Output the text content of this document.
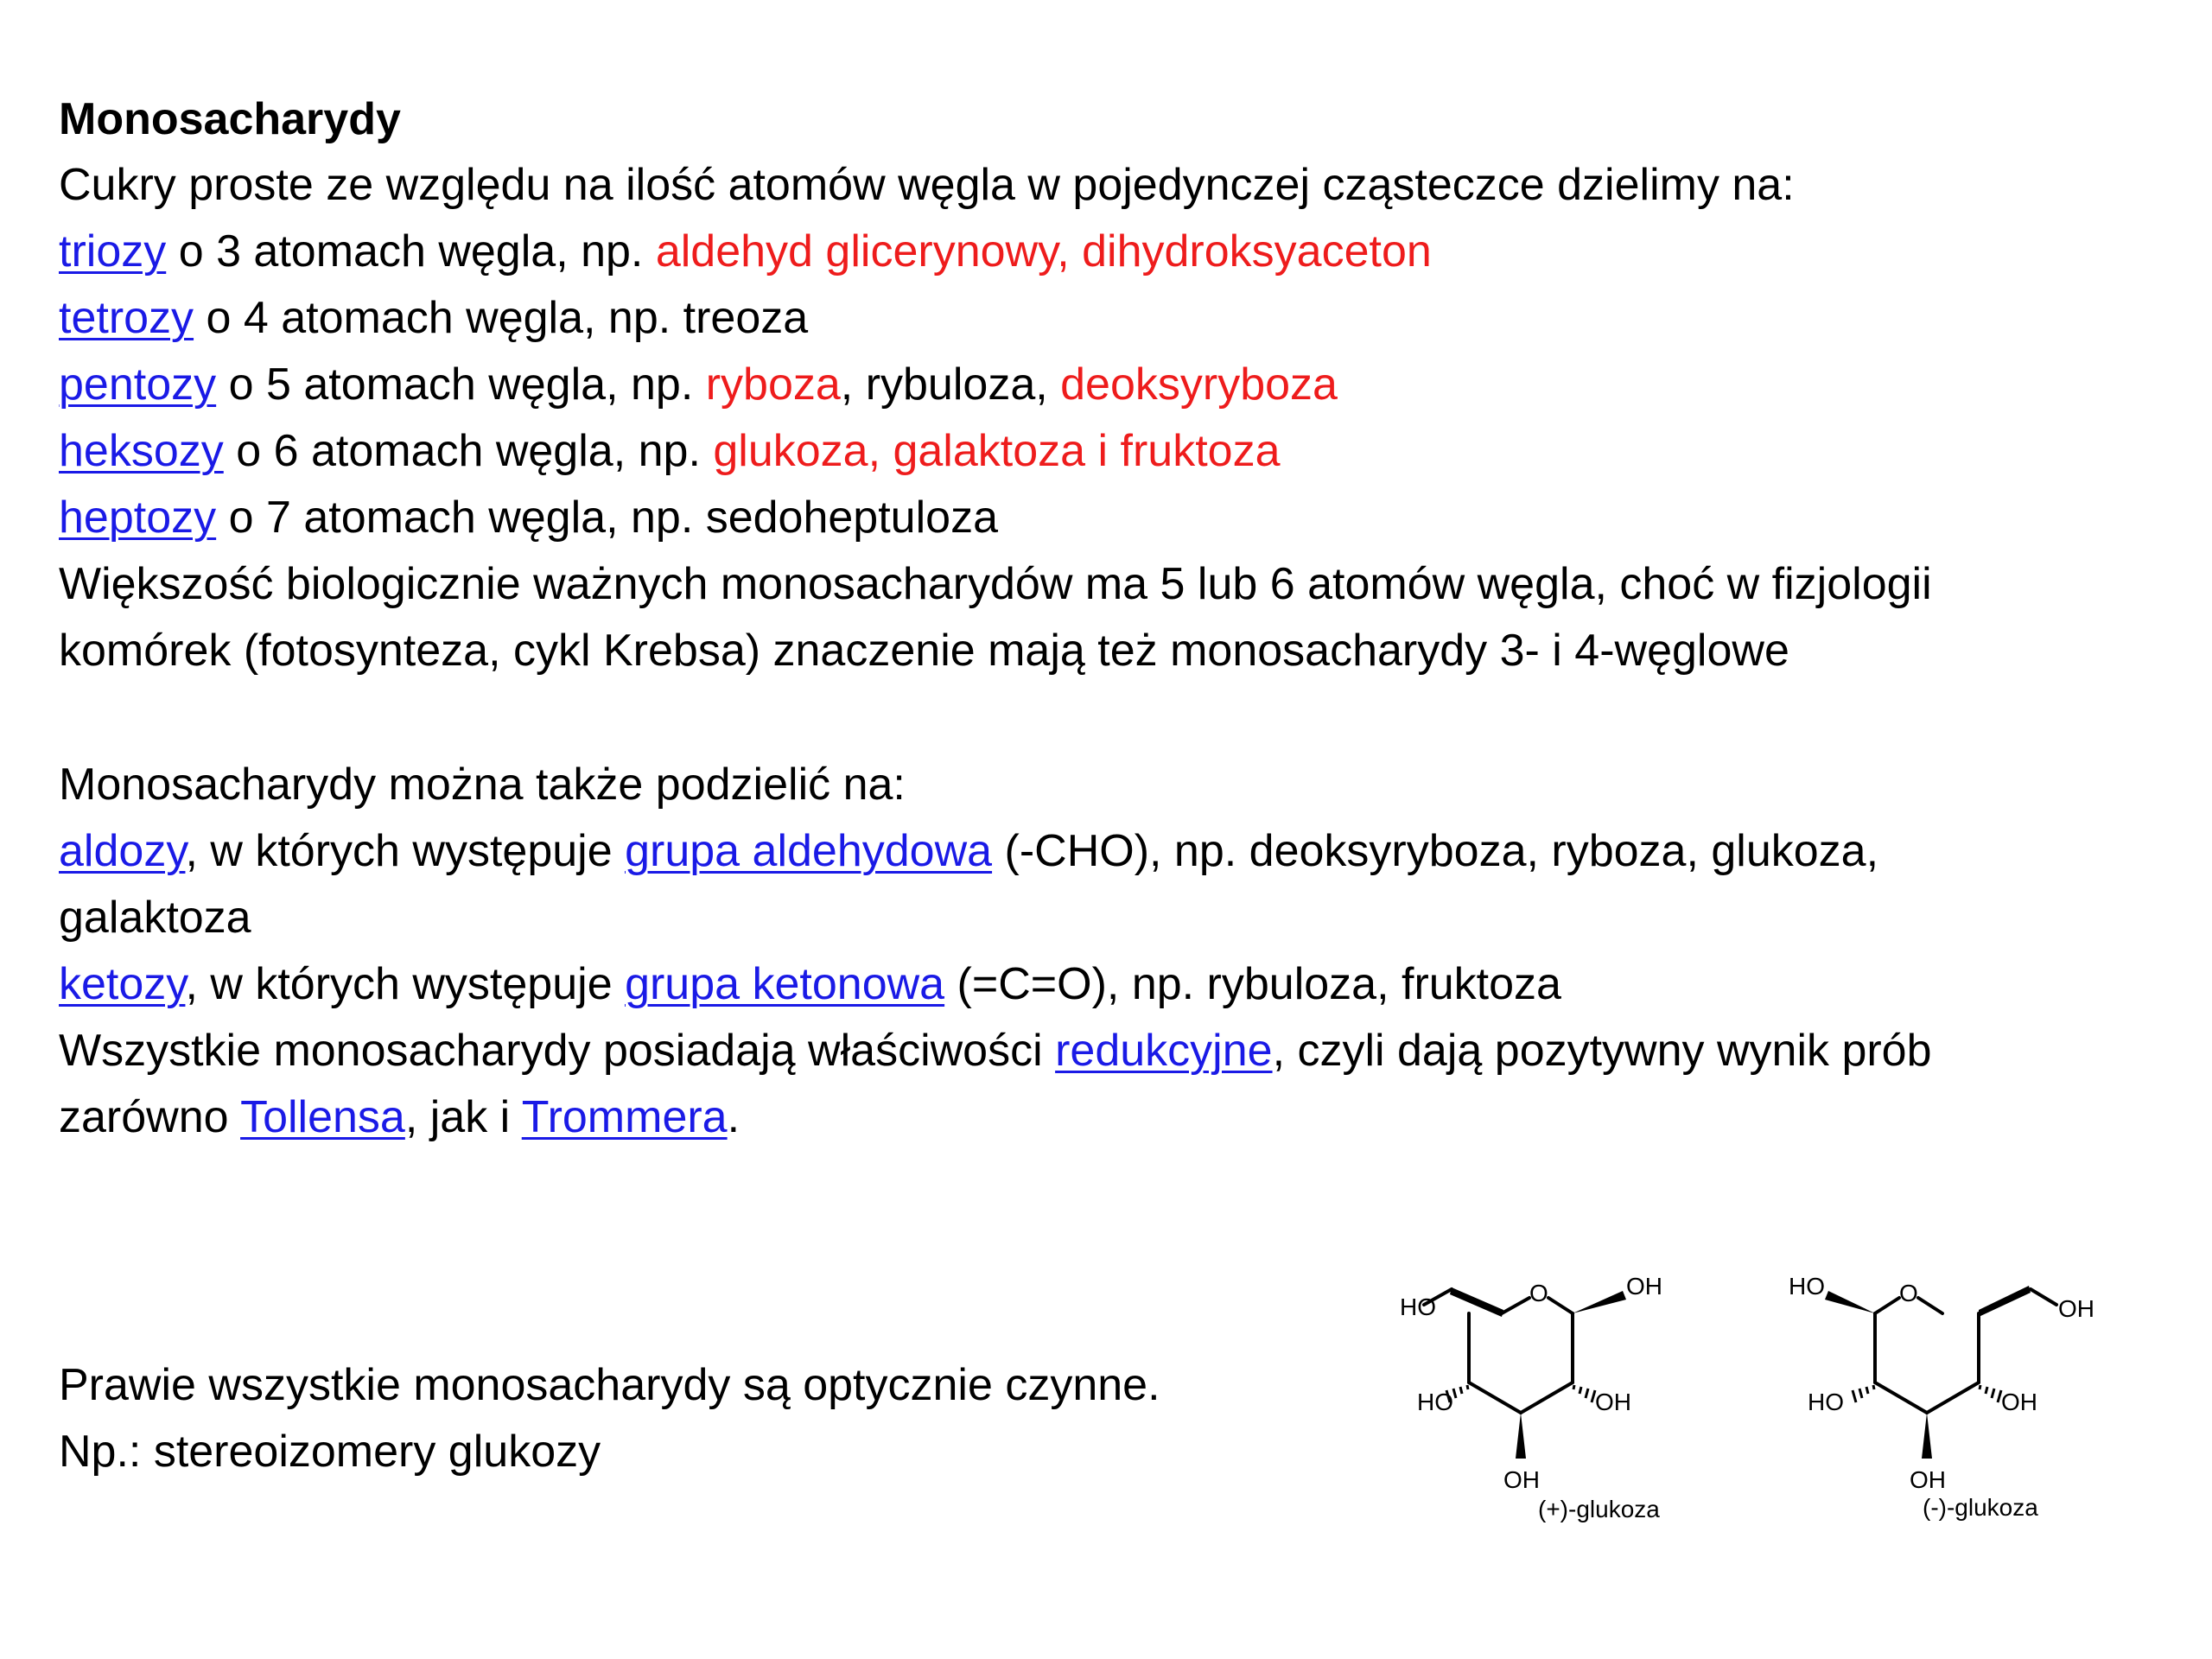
Monosacharydy
Cukry proste ze względu na ilość atomów węgla w pojedynczej cząsteczce dzielimy na:
triozy o 3 atomach węgla, np. aldehyd glicerynowy, dihydroksyaceton
tetrozy o 4 atomach węgla, np. treoza
pentozy o 5 atomach węgla, np. ryboza, rybuloza, deoksyryboza
heksozy o 6 atomach węgla, np. glukoza, galaktoza i fruktoza
heptozy o 7 atomach węgla, np. sedoheptuloza
Większość biologicznie ważnych monosacharydów ma 5 lub 6 atomów węgla, choć w fizjologii
komórek (fotosynteza, cykl Krebsa) znaczenie mają też monosacharydy 3- i 4-węglowe
Monosacharydy można także podzielić na:
aldozy, w których występuje grupa aldehydowa (-CHO), np. deoksyryboza, ryboza, glukoza,
galaktoza
ketozy, w których występuje grupa ketonowa (=C=O), np. rybuloza, fruktoza
Wszystkie monosacharydy posiadają właściwości redukcyjne, czyli dają pozytywny wynik prób
zarówno Tollensa, jak i Trommera.
Prawie wszystkie monosacharydy są optycznie czynne.
Np.: stereoizomery glukozy
HO
O	OH
HO	OH
OH
(+)-glukoza
HO	O
OH
HO	OH
OH
(-)-glukoza
